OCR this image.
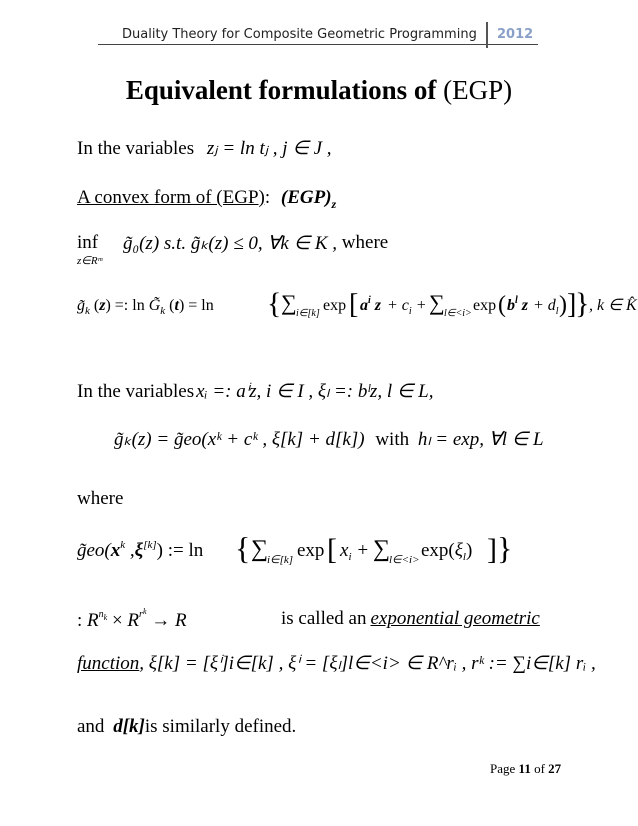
Duality Theory for Composite Geometric Programming 2012
Equivalent formulations of (EGP)
In the variables zⱼ = ln tⱼ , j ∈ J ,
A convex form of (EGP): $(EGP)_z$
inf
z∈Rᵐ
g̃₀(z) s.t. g̃ₖ(z) ≤ 0, ∀k ∈ K , where
$g̃_k$ (z) =: $\ln G̃_k$ (t) = ln { ∑ i∈[k] exp [ $a^i$ $z + c_i$ + ∑ l∈<i> exp ( $b^l$ $z + d_l$ ) ]
} , k ∈ K̂
In the variables xᵢ =: aⁱz, i ∈ I , ξₗ =: bˡz, l ∈ L,
g̃ₖ(z) = g̃eo(xᵏ + cᵏ , ξ[k] + d[k]) with hₗ = exp, ∀l ∈ L
where
$g̃eo(x^k$ ,ξ[k]) := ln { ∑
i∈[k] exp [ $x_i$ + ∑
l∈<i> $\exp(\xi_l)$ ] }
: $R^nk \times R^rk \to R$	is called an exponential geometric
function, ξ[k] = [ξⁱ]i∈[k] , ξⁱ = [ξₗ]l∈<i> ∈ R^rᵢ , rᵏ := ∑i∈[k] rᵢ ,
and d[k]is similarly defined.
Page 11 of 27
